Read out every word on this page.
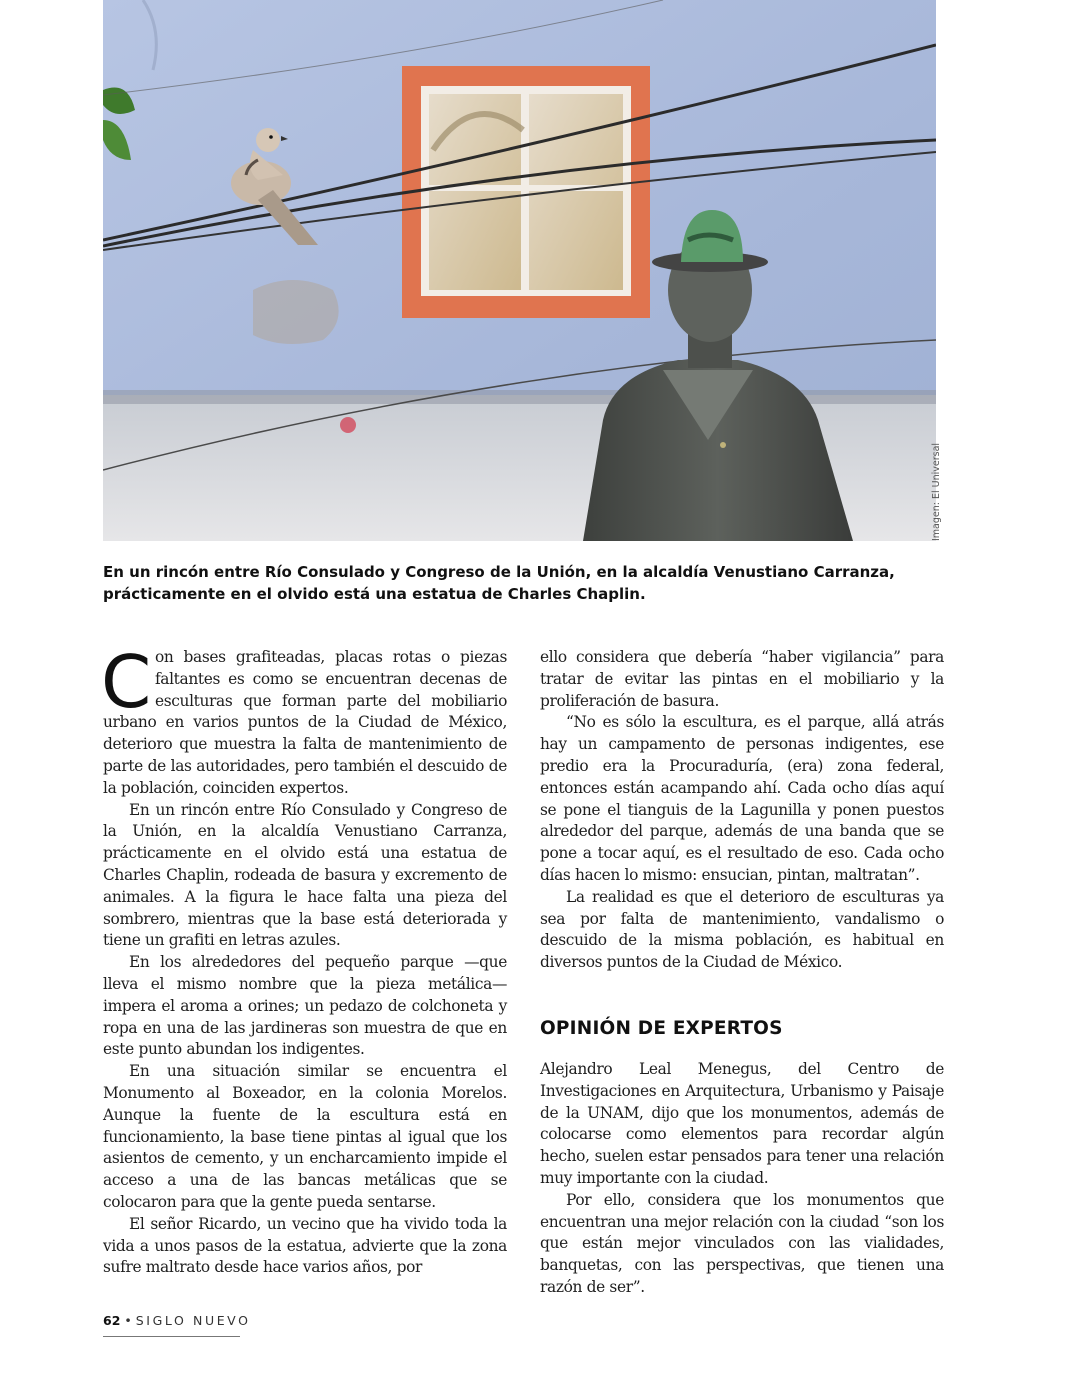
Imagen: El Universal
En un rincón entre Río Consulado y Congreso de la Unión, en la alcaldía Venustiano Carranza, prácticamente en el olvido está una estatua de Charles Chaplin.

Con bases grafiteadas, placas rotas o piezas faltantes es como se encuentran decenas de esculturas que forman parte del mobiliario urbano en varios puntos de la Ciudad de México, deterioro que muestra la falta de mantenimiento de parte de las autoridades, pero también el descuido de la población, coinciden expertos.

En un rincón entre Río Consulado y Congreso de la Unión, en la alcaldía Venustiano Carranza, prácticamente en el olvido está una estatua de Charles Chaplin, rodeada de basura y excremento de animales. A la figura le hace falta una pieza del sombrero, mientras que la base está deteriorada y tiene un grafiti en letras azules.

En los alrededores del pequeño parque —que lleva el mismo nombre que la pieza metálica— impera el aroma a orines; un pedazo de colchoneta y ropa en una de las jardineras son muestra de que en este punto abundan los indigentes.

En una situación similar se encuentra el Monumento al Boxeador, en la colonia Morelos. Aunque la fuente de la escultura está en funcionamiento, la base tiene pintas al igual que los asientos de cemento, y un encharcamiento impide el acceso a una de las bancas metálicas que se colocaron para que la gente pueda sentarse.

El señor Ricardo, un vecino que ha vivido toda la vida a unos pasos de la estatua, advierte que la zona sufre maltrato desde hace varios años, por

ello considera que debería “haber vigilancia” para tratar de evitar las pintas en el mobiliario y la proliferación de basura.

“No es sólo la escultura, es el parque, allá atrás hay un campamento de personas indigentes, ese predio era la Procuraduría, (era) zona federal, entonces están acampando ahí. Cada ocho días aquí se pone el tianguis de la Lagunilla y ponen puestos alrededor del parque, además de una banda que se pone a tocar aquí, es el resultado de eso. Cada ocho días hacen lo mismo: ensucian, pintan, maltratan”.

La realidad es que el deterioro de esculturas ya sea por falta de mantenimiento, vandalismo o descuido de la misma población, es habitual en diversos puntos de la Ciudad de México.

OPINIÓN DE EXPERTOS

Alejandro Leal Menegus, del Centro de Investigaciones en Arquitectura, Urbanismo y Paisaje de la UNAM, dijo que los monumentos, además de colocarse como elementos para recordar algún hecho, suelen estar pensados para tener una relación muy importante con la ciudad.

Por ello, considera que los monumentos que encuentran una mejor relación con la ciudad “son los que están mejor vinculados con las vialidades, banquetas, con las perspectivas, que tienen una razón de ser”.

62 • SIGLO NUEVO
